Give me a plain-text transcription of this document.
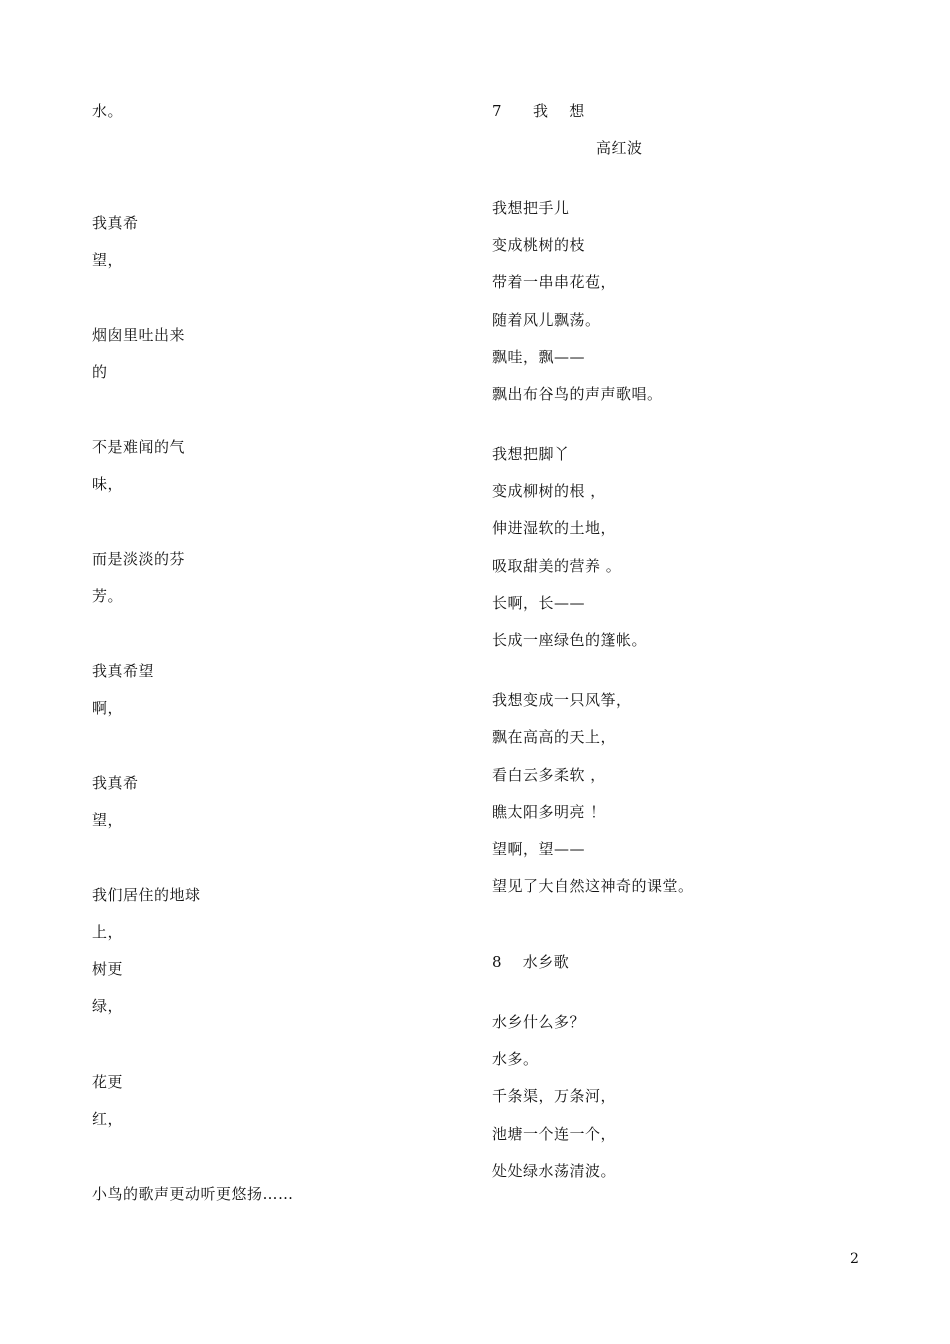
水。
我真希
望，
烟囱里吐出来
的
不是难闻的气
味，
而是淡淡的芬
芳。
我真希望
啊，
我真希
望，
我们居住的地球
上，
树更
绿，
花更
红，
小鸟的歌声更动听更悠扬……
7　　我　 想
高红波
我想把手儿
变成桃树的枝
带着一串串花苞，
随着风儿飘荡。
飘哇，飘——
飘出布谷鸟的声声歌唱。
我想把脚丫
变成柳树的根 ，
伸进湿软的土地，
吸取甜美的营养 。
长啊，长——
长成一座绿色的篷帐。
我想变成一只风筝，
飘在高高的天上，
看白云多柔软 ，
瞧太阳多明亮 ！
望啊，望——
望见了大自然这神奇的课堂。
8　 水乡歌
水乡什么多？
水多。
千条渠，万条河，
池塘一个连一个，
处处绿水荡清波。
2
